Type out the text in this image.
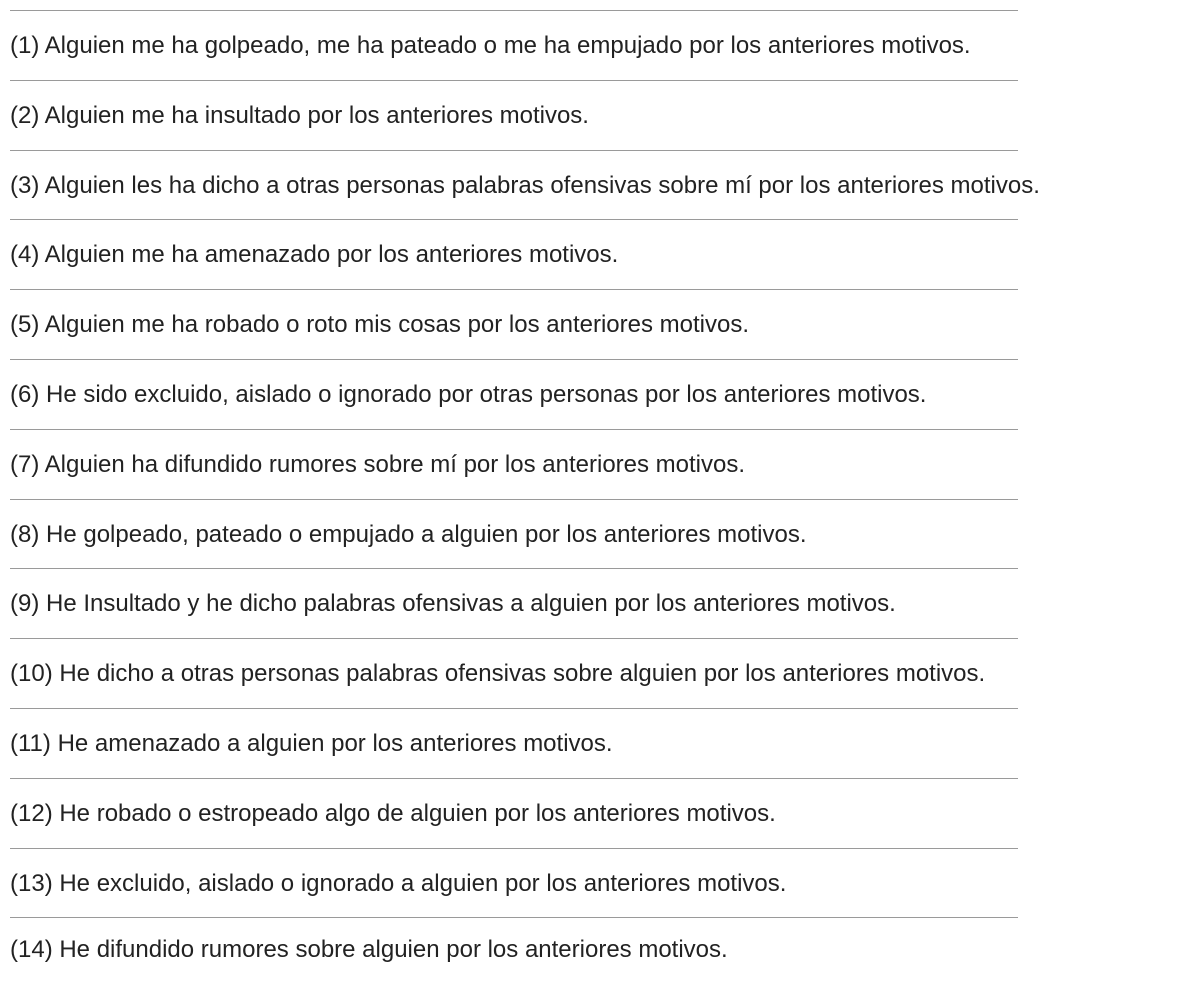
(1) Alguien me ha golpeado, me ha pateado o me ha empujado por los anteriores motivos.
(2) Alguien me ha insultado por los anteriores motivos.
(3) Alguien les ha dicho a otras personas palabras ofensivas sobre mí por los anteriores motivos.
(4) Alguien me ha amenazado por los anteriores motivos.
(5) Alguien me ha robado o roto mis cosas por los anteriores motivos.
(6) He sido excluido, aislado o ignorado por otras personas por los anteriores motivos.
(7) Alguien ha difundido rumores sobre mí por los anteriores motivos.
(8) He golpeado, pateado o empujado a alguien por los anteriores motivos.
(9) He Insultado y he dicho palabras ofensivas a alguien por los anteriores motivos.
(10) He dicho a otras personas palabras ofensivas sobre alguien por los anteriores motivos.
(11) He amenazado a alguien por los anteriores motivos.
(12) He robado o estropeado algo de alguien por los anteriores motivos.
(13) He excluido, aislado o ignorado a alguien por los anteriores motivos.
(14) He difundido rumores sobre alguien por los anteriores motivos.
